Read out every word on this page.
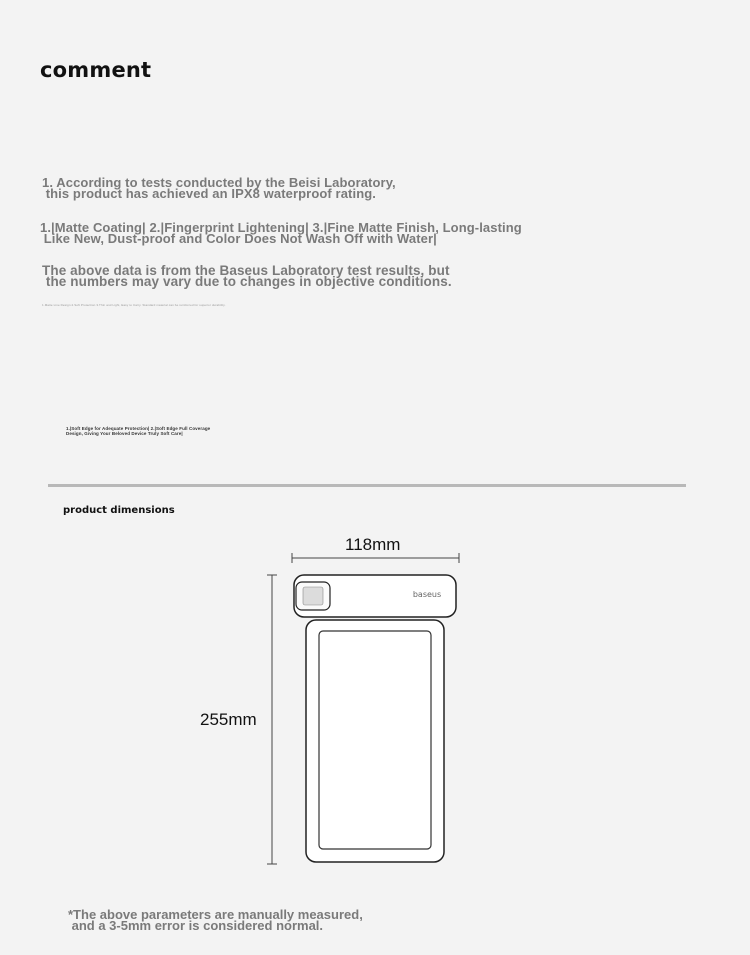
comment
1. According to tests conducted by the Beisi Laboratory,
this product has achieved an IPX8 waterproof rating.
1.|Matte Coating| 2.|Fingerprint Lightening| 3.|Fine Matte Finish, Long-lasting
Like New, Dust-proof and Color Does Not Wash Off with Water|
The above data is from the Baseus Laboratory test results, but
the numbers may vary due to changes in objective conditions.
1.Matte Line Design 2.Soft Protection 3.Thin and Light, Easy to Carry. Standard material can be reinforced for superior durability.
1.|Soft Edge for Adequate Protection| 2.|Soft Edge Full Coverage Design, Giving Your Beloved Device Truly Soft Care|
product dimensions
baseus
118mm
255mm
*The above parameters are manually measured,
and a 3-5mm error is considered normal.
